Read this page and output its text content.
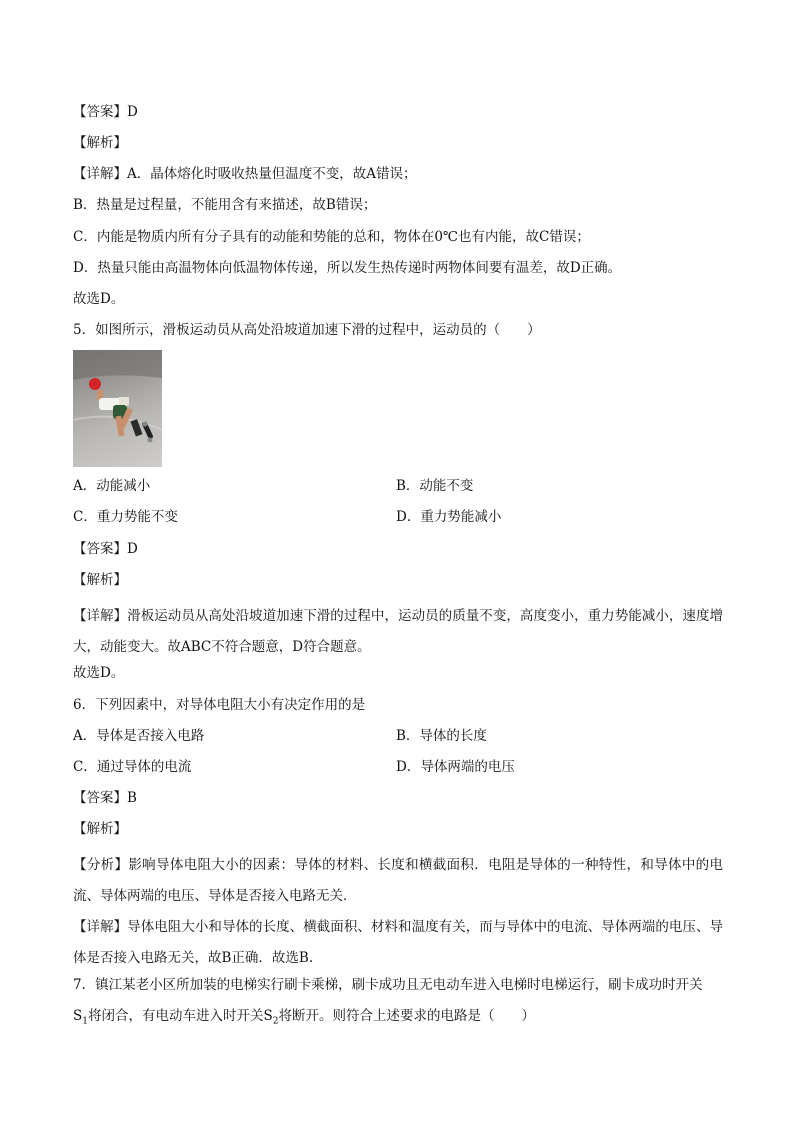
【答案】D
【解析】
【详解】A．晶体熔化时吸收热量但温度不变，故A错误；
B．热量是过程量，不能用含有来描述，故B错误；
C．内能是物质内所有分子具有的动能和势能的总和，物体在0℃也有内能，故C错误；
D．热量只能由高温物体向低温物体传递，所以发生热传递时两物体间要有温差，故D正确。
故选D。
5．如图所示，滑板运动员从高处沿坡道加速下滑的过程中，运动员的（　　）
A．动能减小	B．动能不变
C．重力势能不变	D．重力势能减小
【答案】D
【解析】
【详解】滑板运动员从高处沿坡道加速下滑的过程中，运动员的质量不变，高度变小，重力势能减小，速度增大，动能变大。故ABC不符合题意，D符合题意。
故选D。
6．下列因素中，对导体电阻大小有决定作用的是
A．导体是否接入电路	B．导体的长度
C．通过导体的电流	D．导体两端的电压
【答案】B
【解析】
【分析】影响导体电阻大小的因素：导体的材料、长度和横截面积．电阻是导体的一种特性，和导体中的电流、导体两端的电压、导体是否接入电路无关．
【详解】导体电阻大小和导体的长度、横截面积、材料和温度有关，而与导体中的电流、导体两端的电压、导体是否接入电路无关，故B正确．故选B.
7．镇江某老小区所加装的电梯实行刷卡乘梯，刷卡成功且无电动车进入电梯时电梯运行，刷卡成功时开关
$S_1$将闭合，有电动车进入时开关$S_2$将断开。则符合上述要求的电路是（　　）
